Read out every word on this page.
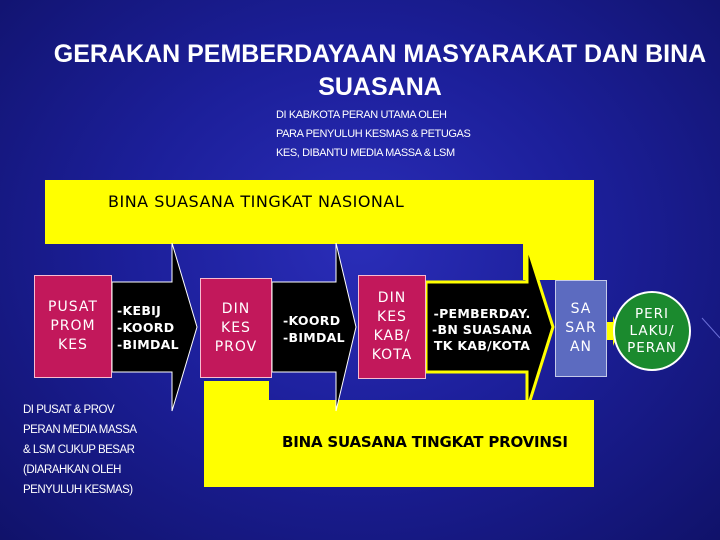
GERAKAN PEMBERDAYAAN MASYARAKAT DAN BINA
SUASANA
DI KAB/KOTA PERAN UTAMA OLEH
PARA PENYULUH KESMAS & PETUGAS
KES, DIBANTU MEDIA MASSA & LSM
BINA SUASANA TINGKAT NASIONAL
BINA SUASANA TINGKAT PROVINSI
PUSAT
PROM
KES
-KEBIJ
-KOORD
-BIMDAL
DIN
KES
PROV
-KOORD
-BIMDAL
DIN
KES
KAB/
KOTA
-PEMBERDAY.
-BN SUASANA
TK KAB/KOTA
SA
SAR
AN
PERI
LAKU/
PERAN
DI PUSAT & PROV
PERAN MEDIA MASSA
& LSM CUKUP BESAR
(DIARAHKAN OLEH
PENYULUH KESMAS)
